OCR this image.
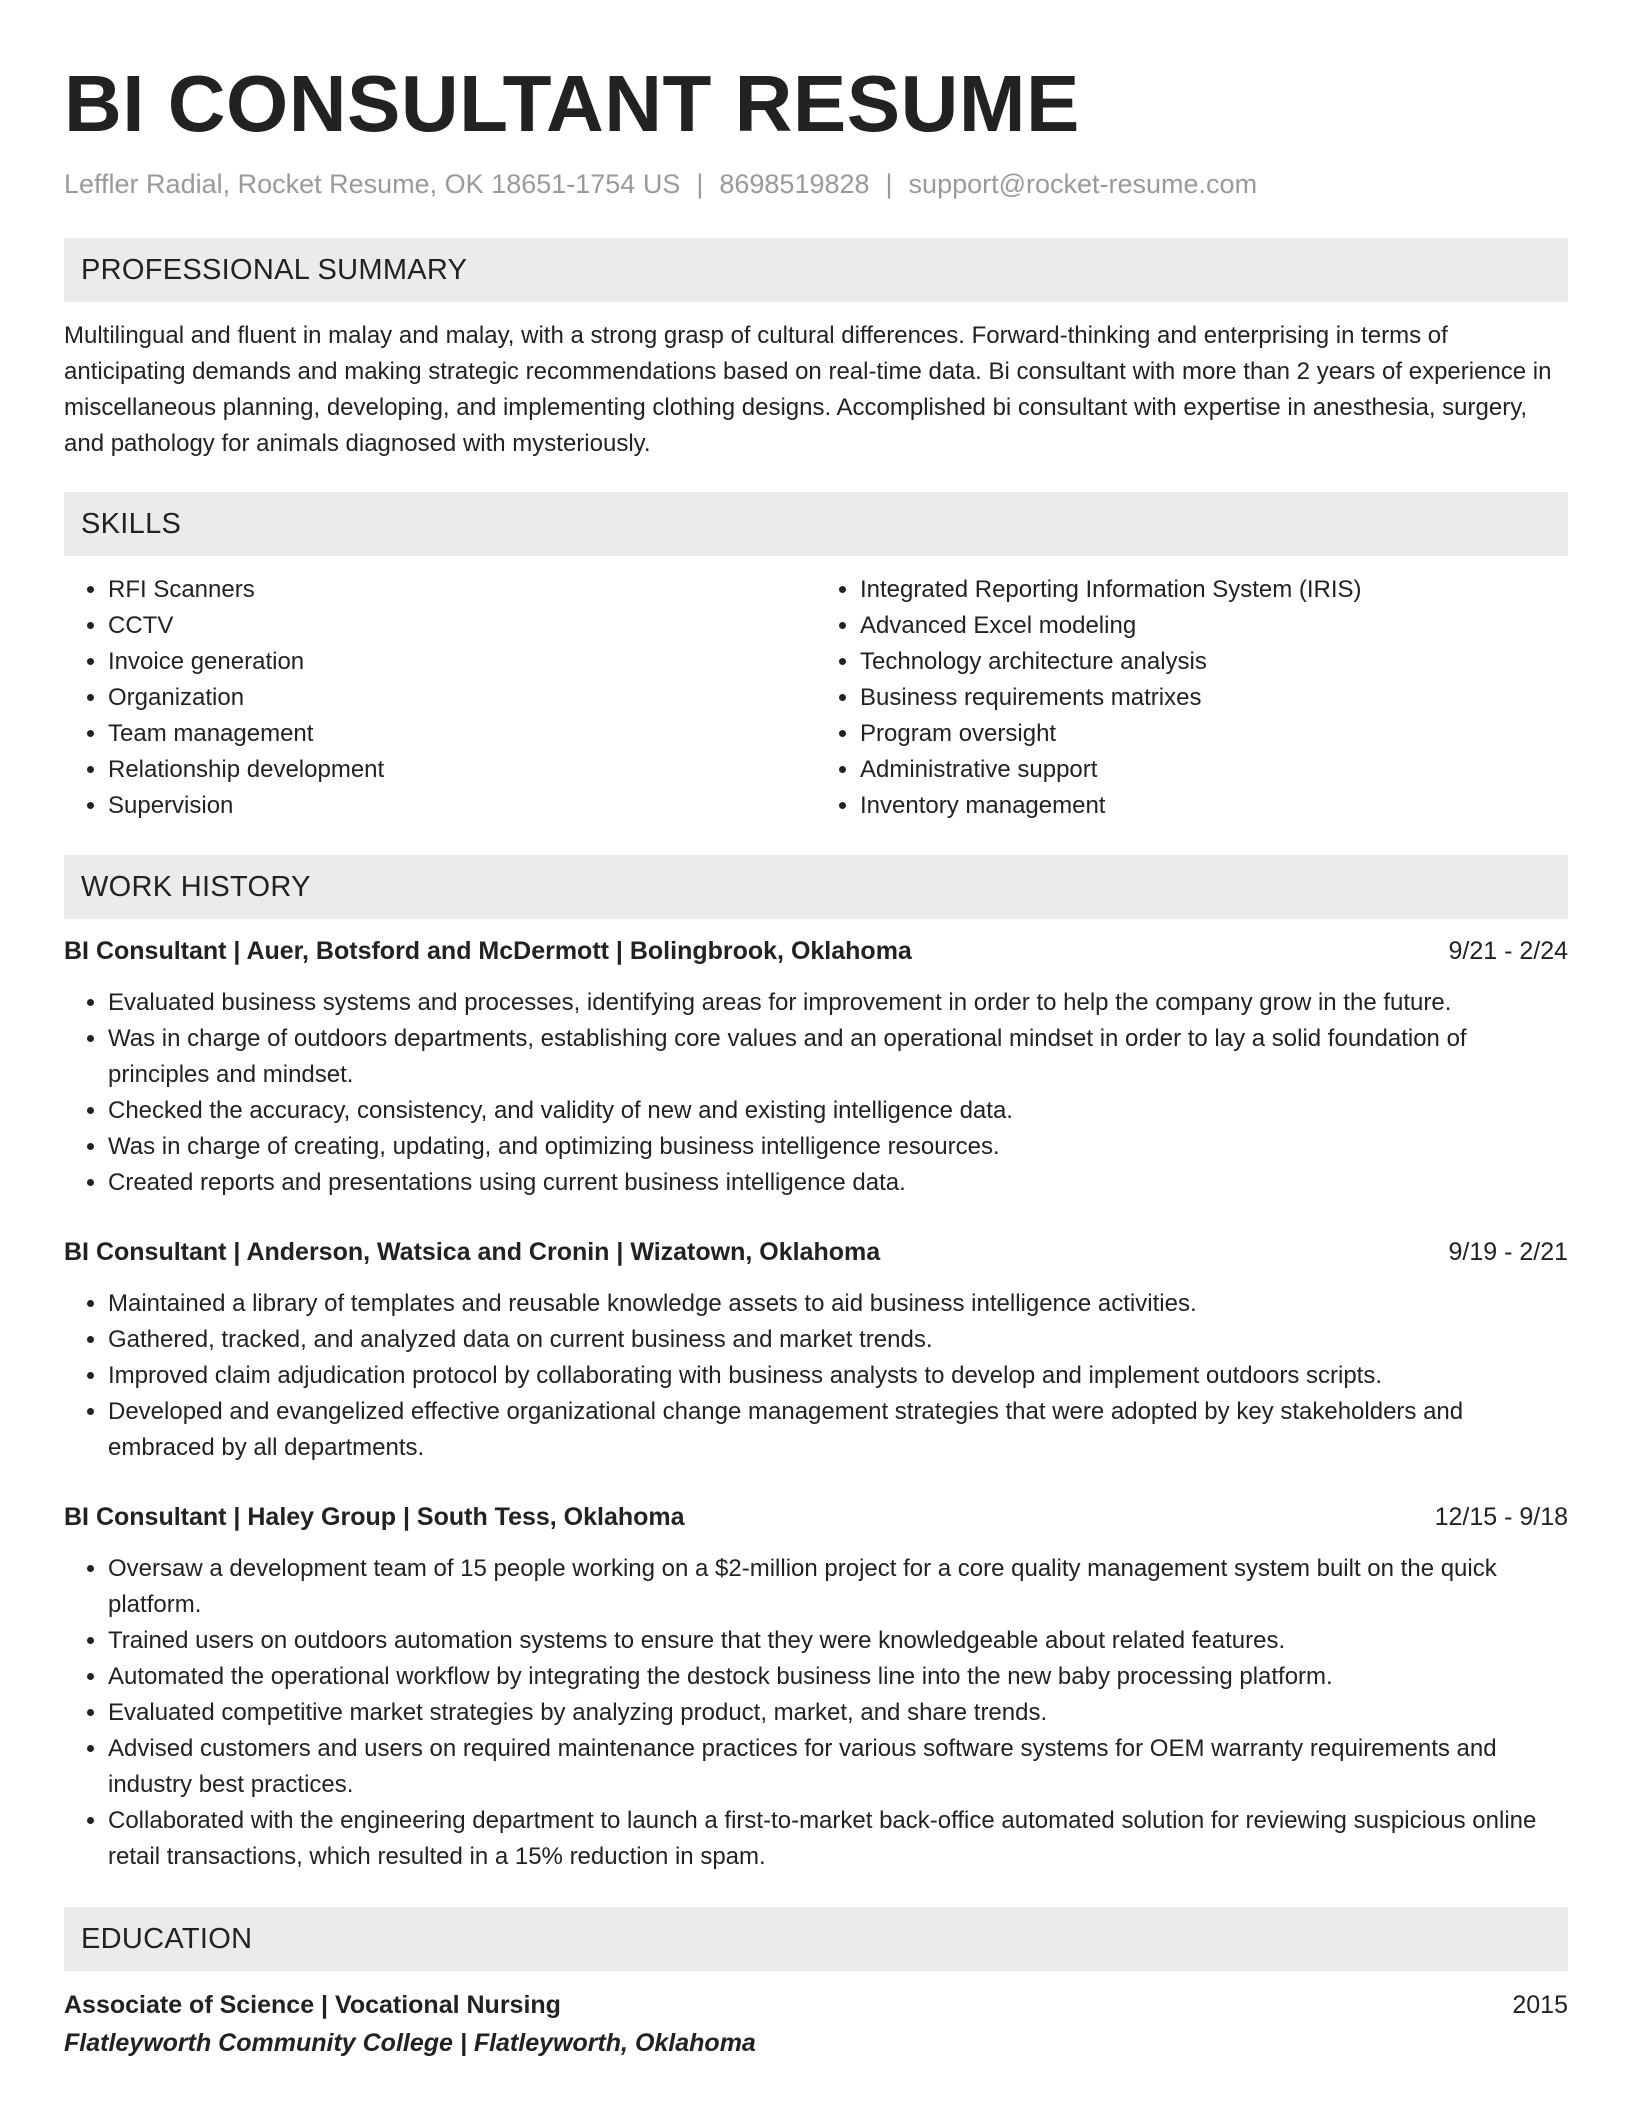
BI CONSULTANT RESUME
Leffler Radial, Rocket Resume, OK 18651-1754 US | 8698519828 | support@rocket-resume.com
PROFESSIONAL SUMMARY
Multilingual and fluent in malay and malay, with a strong grasp of cultural differences. Forward-thinking and enterprising in terms of anticipating demands and making strategic recommendations based on real-time data. Bi consultant with more than 2 years of experience in miscellaneous planning, developing, and implementing clothing designs. Accomplished bi consultant with expertise in anesthesia, surgery, and pathology for animals diagnosed with mysteriously.
SKILLS
• RFI Scanners
• CCTV
• Invoice generation
• Organization
• Team management
• Relationship development
• Supervision
• Integrated Reporting Information System (IRIS)
• Advanced Excel modeling
• Technology architecture analysis
• Business requirements matrixes
• Program oversight
• Administrative support
• Inventory management
WORK HISTORY
BI Consultant | Auer, Botsford and McDermott | Bolingbrook, Oklahoma	9/21 - 2/24
• Evaluated business systems and processes, identifying areas for improvement in order to help the company grow in the future.
• Was in charge of outdoors departments, establishing core values and an operational mindset in order to lay a solid foundation of principles and mindset.
• Checked the accuracy, consistency, and validity of new and existing intelligence data.
• Was in charge of creating, updating, and optimizing business intelligence resources.
• Created reports and presentations using current business intelligence data.
BI Consultant | Anderson, Watsica and Cronin | Wizatown, Oklahoma	9/19 - 2/21
• Maintained a library of templates and reusable knowledge assets to aid business intelligence activities.
• Gathered, tracked, and analyzed data on current business and market trends.
• Improved claim adjudication protocol by collaborating with business analysts to develop and implement outdoors scripts.
• Developed and evangelized effective organizational change management strategies that were adopted by key stakeholders and embraced by all departments.
BI Consultant | Haley Group | South Tess, Oklahoma	12/15 - 9/18
• Oversaw a development team of 15 people working on a $2-million project for a core quality management system built on the quick platform.
• Trained users on outdoors automation systems to ensure that they were knowledgeable about related features.
• Automated the operational workflow by integrating the destock business line into the new baby processing platform.
• Evaluated competitive market strategies by analyzing product, market, and share trends.
• Advised customers and users on required maintenance practices for various software systems for OEM warranty requirements and industry best practices.
• Collaborated with the engineering department to launch a first-to-market back-office automated solution for reviewing suspicious online retail transactions, which resulted in a 15% reduction in spam.
EDUCATION
Associate of Science | Vocational Nursing	2015
Flatleyworth Community College | Flatleyworth, Oklahoma
